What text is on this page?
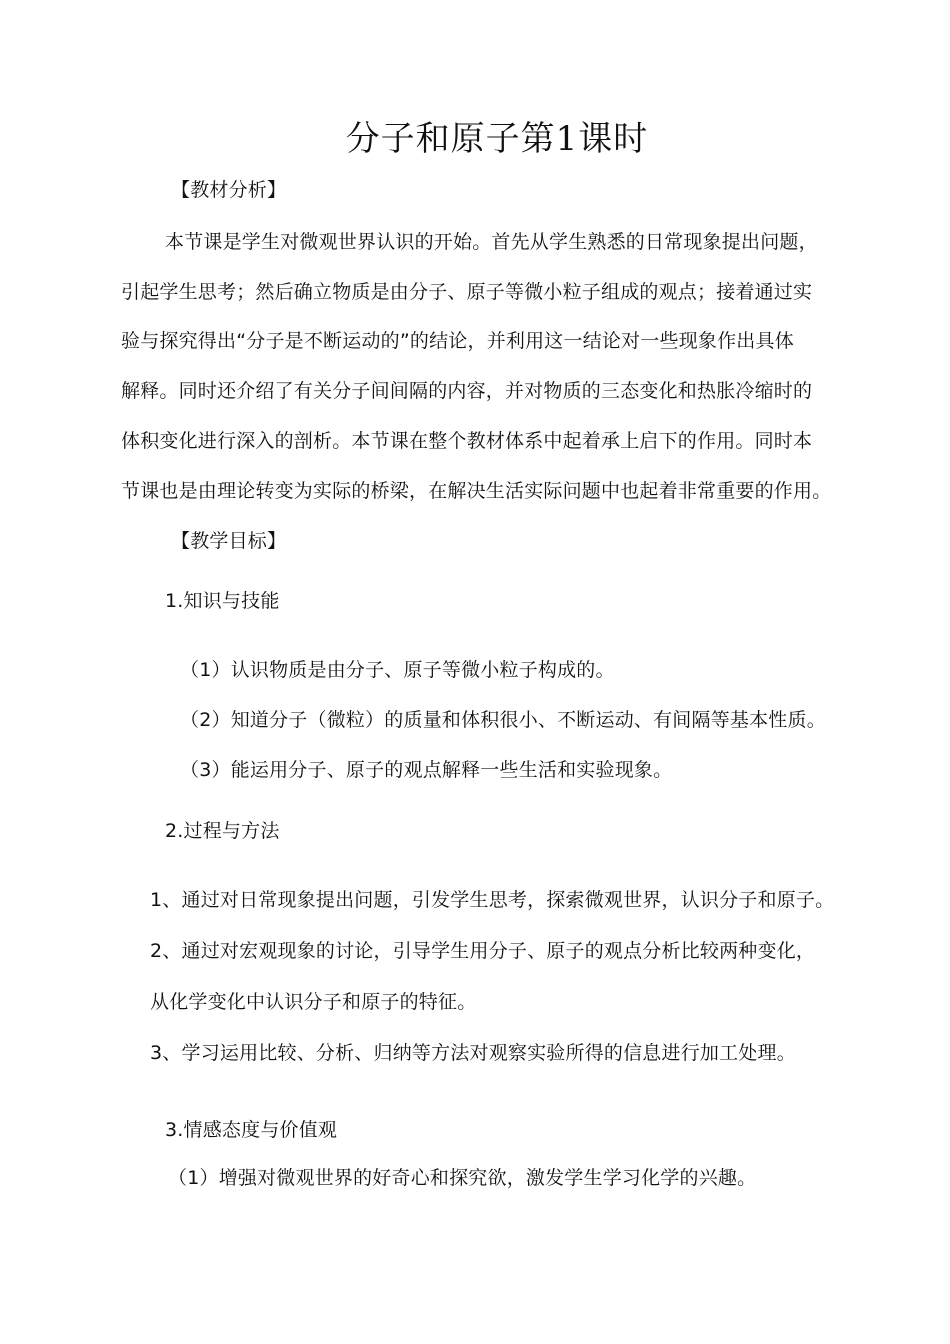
分子和原子第1课时
【教材分析】
本节课是学生对微观世界认识的开始。首先从学生熟悉的日常现象提出问题，
引起学生思考；然后确立物质是由分子、原子等微小粒子组成的观点；接着通过实
验与探究得出“分子是不断运动的”的结论，并利用这一结论对一些现象作出具体
解释。同时还介绍了有关分子间间隔的内容，并对物质的三态变化和热胀冷缩时的
体积变化进行深入的剖析。本节课在整个教材体系中起着承上启下的作用。同时本
节课也是由理论转变为实际的桥梁，在解决生活实际问题中也起着非常重要的作用。
【教学目标】
1.知识与技能
（1）认识物质是由分子、原子等微小粒子构成的。
（2）知道分子（微粒）的质量和体积很小、不断运动、有间隔等基本性质。
（3）能运用分子、原子的观点解释一些生活和实验现象。
2.过程与方法
1、通过对日常现象提出问题，引发学生思考，探索微观世界，认识分子和原子。
2、通过对宏观现象的讨论，引导学生用分子、原子的观点分析比较两种变化，
从化学变化中认识分子和原子的特征。
3、学习运用比较、分析、归纳等方法对观察实验所得的信息进行加工处理。
3.情感态度与价值观
（1）增强对微观世界的好奇心和探究欲，激发学生学习化学的兴趣。
